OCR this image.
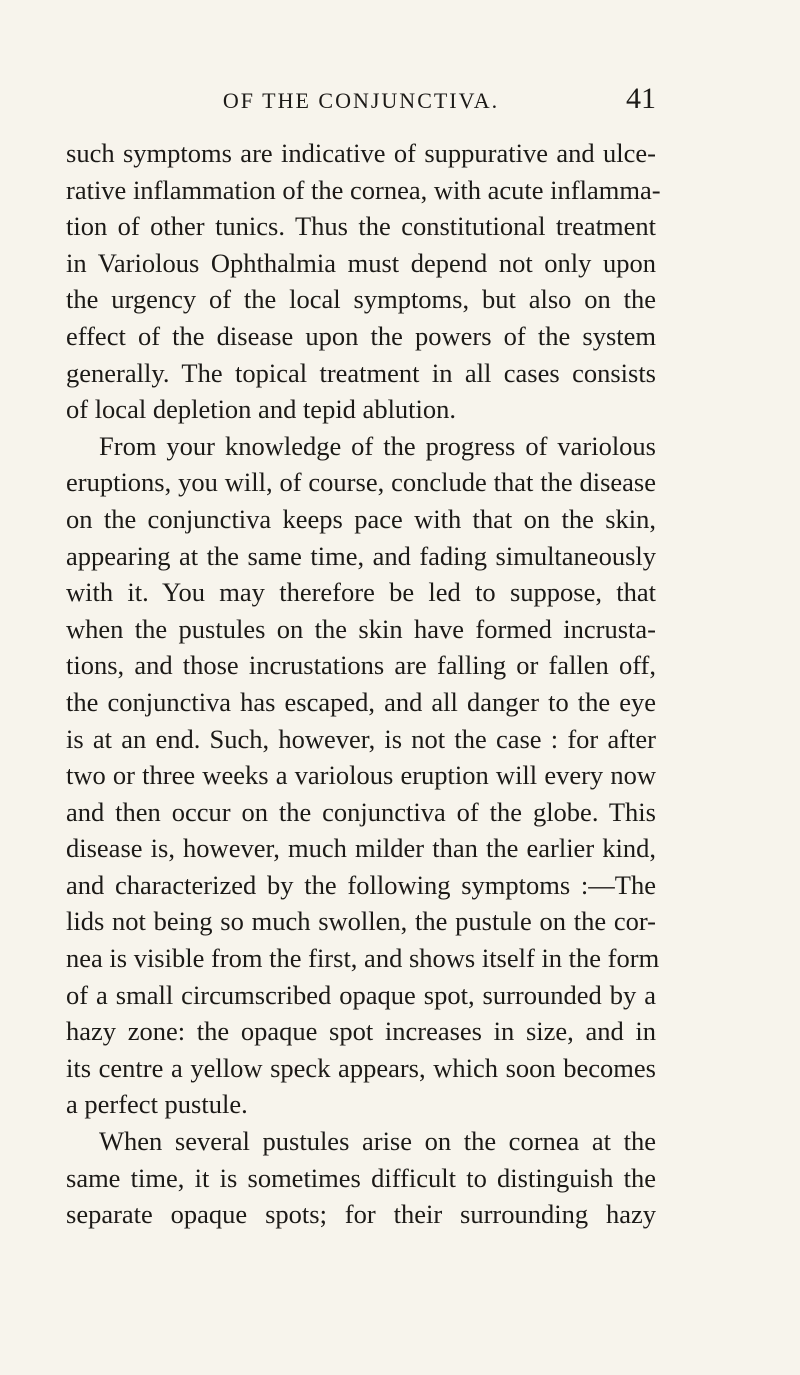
OF THE CONJUNCTIVA.	41
such symptoms are indicative of suppurative and ulce-
rative inflammation of the cornea, with acute inflamma-
tion of other tunics. Thus the constitutional treatment
in Variolous Ophthalmia must depend not only upon
the urgency of the local symptoms, but also on the
effect of the disease upon the powers of the system
generally. The topical treatment in all cases consists
of local depletion and tepid ablution.
From your knowledge of the progress of variolous
eruptions, you will, of course, conclude that the disease
on the conjunctiva keeps pace with that on the skin,
appearing at the same time, and fading simultaneously
with it. You may therefore be led to suppose, that
when the pustules on the skin have formed incrusta-
tions, and those incrustations are falling or fallen off,
the conjunctiva has escaped, and all danger to the eye
is at an end. Such, however, is not the case : for after
two or three weeks a variolous eruption will every now
and then occur on the conjunctiva of the globe. This
disease is, however, much milder than the earlier kind,
and characterized by the following symptoms :—The
lids not being so much swollen, the pustule on the cor-
nea is visible from the first, and shows itself in the form
of a small circumscribed opaque spot, surrounded by a
hazy zone: the opaque spot increases in size, and in
its centre a yellow speck appears, which soon becomes
a perfect pustule.
When several pustules arise on the cornea at the
same time, it is sometimes difficult to distinguish the
separate opaque spots; for their surrounding hazy
